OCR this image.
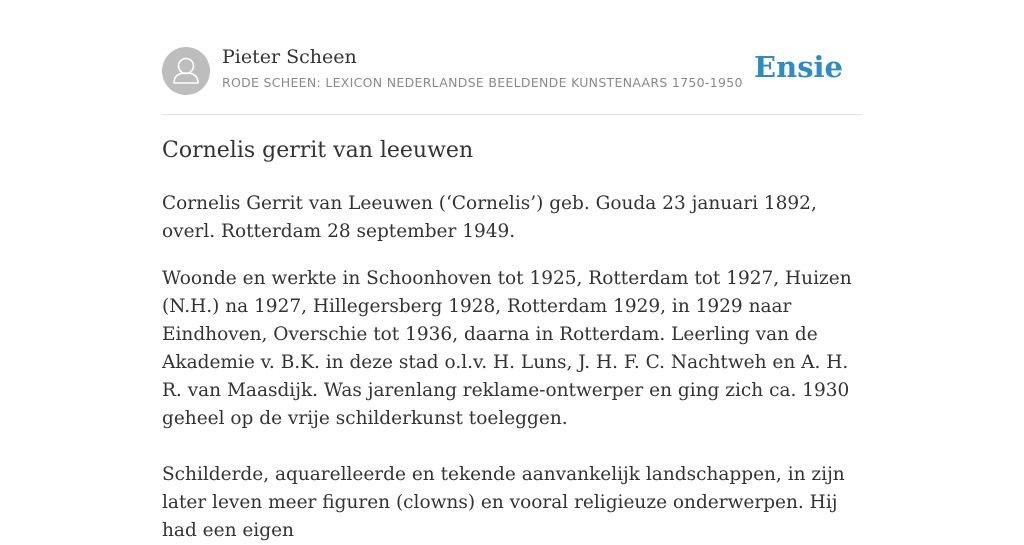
Pieter Scheen
RODE SCHEEN: LEXICON NEDERLANDSE BEELDENDE KUNSTENAARS 1750-1950 Ensie
Cornelis gerrit van leeuwen

Cornelis Gerrit van Leeuwen (‘Cornelis’) geb. Gouda 23 januari 1892, overl. Rotterdam 28 september 1949.

Woonde en werkte in Schoonhoven tot 1925, Rotterdam tot 1927, Huizen (N.H.) na 1927, Hillegersberg 1928, Rotterdam 1929, in 1929 naar Eindhoven, Overschie tot 1936, daarna in Rotterdam. Leerling van de Akademie v. B.K. in deze stad o.l.v. H. Luns, J. H. F. C. Nachtweh en A. H. R. van Maasdijk. Was jarenlang reklame-ontwerper en ging zich ca. 1930 geheel op de vrije schilderkunst toeleggen.

Schilderde, aquarelleerde en tekende aanvankelijk landschappen, in zijn later leven meer figuren (clowns) en vooral religieuze onderwerpen. Hij had een eigen
